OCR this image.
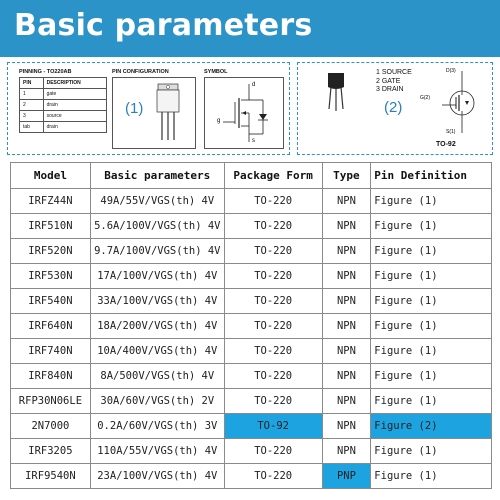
Basic parameters
PINNING - TO220AB
PIN	DESCRIPTION
1	gate
2	drain
3	source
tab	drain
PIN CONFIGURATION
(1)
SYMBOL
d
g
s
(2)
1 SOURCE
2 GATE
3 DRAIN
D(3)
G(2)
S(1)
TO-92
Model	Basic parameters	Package Form	Type	Pin Definition
IRFZ44N	49A/55V/VGS(th) 4V	TO-220	NPN	Figure (1)
IRF510N	5.6A/100V/VGS(th) 4V	TO-220	NPN	Figure (1)
IRF520N	9.7A/100V/VGS(th) 4V	TO-220	NPN	Figure (1)
IRF530N	17A/100V/VGS(th) 4V	TO-220	NPN	Figure (1)
IRF540N	33A/100V/VGS(th) 4V	TO-220	NPN	Figure (1)
IRF640N	18A/200V/VGS(th) 4V	TO-220	NPN	Figure (1)
IRF740N	10A/400V/VGS(th) 4V	TO-220	NPN	Figure (1)
IRF840N	8A/500V/VGS(th) 4V	TO-220	NPN	Figure (1)
RFP30N06LE	30A/60V/VGS(th) 2V	TO-220	NPN	Figure (1)
2N7000	0.2A/60V/VGS(th) 3V	TO-92	NPN	Figure (2)
IRF3205	110A/55V/VGS(th) 4V	TO-220	NPN	Figure (1)
IRF9540N	23A/100V/VGS(th) 4V	TO-220	PNP	Figure (1)
